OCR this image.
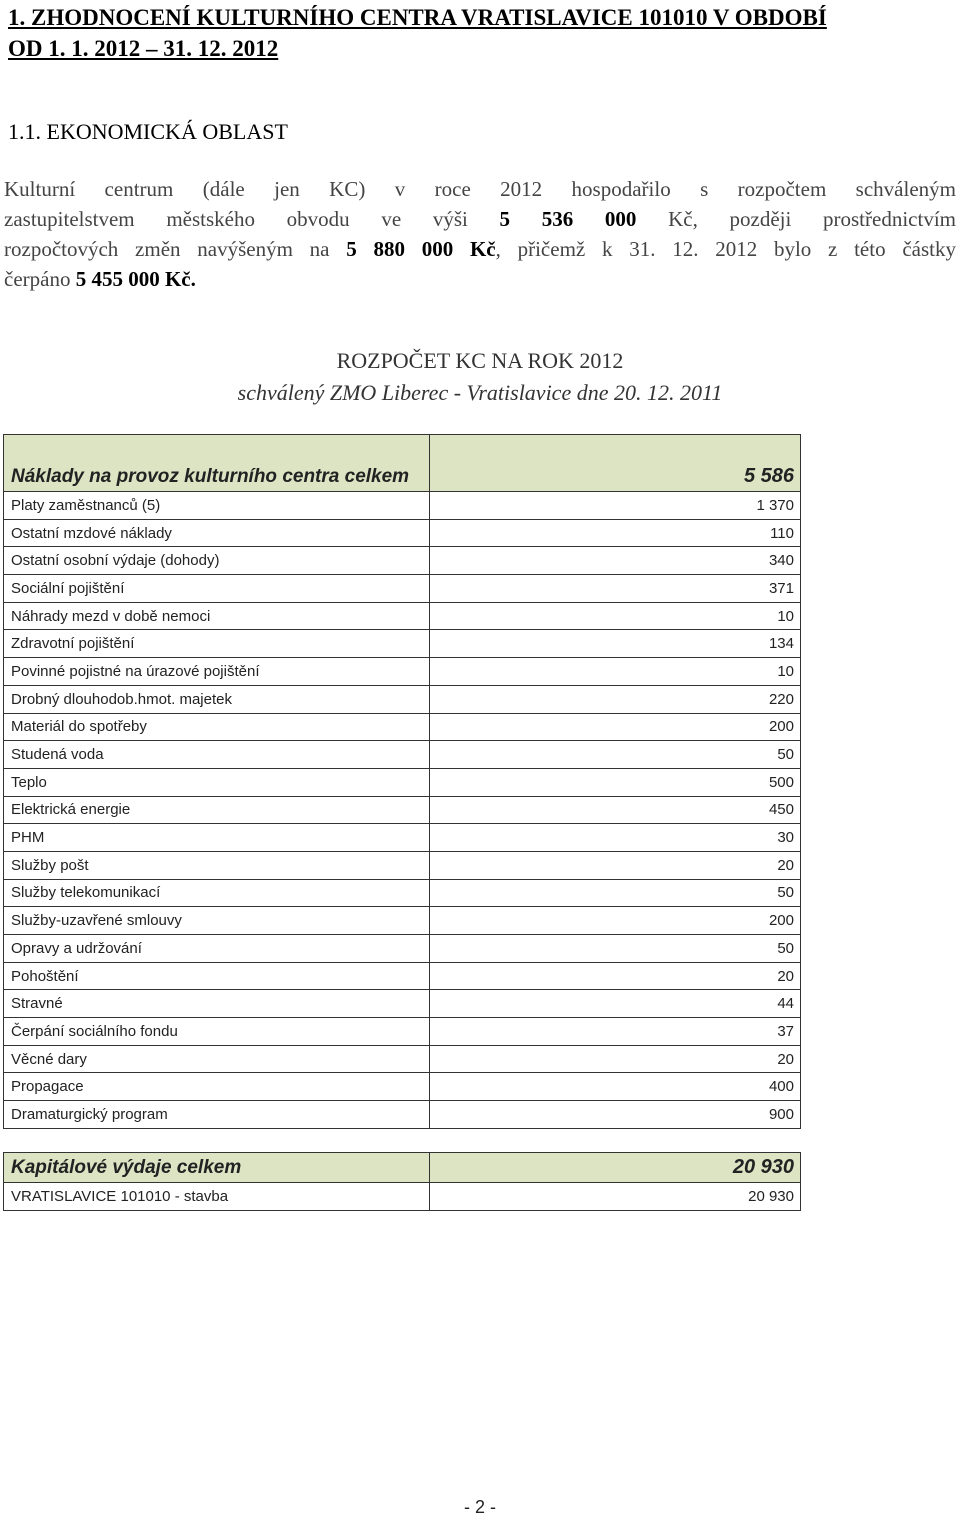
1. ZHODNOCENÍ KULTURNÍHO CENTRA VRATISLAVICE 101010 V OBDOBÍ
OD 1. 1. 2012 – 31. 12. 2012
1.1. EKONOMICKÁ OBLAST
Kulturní centrum (dále jen KC) v roce 2012 hospodařilo s rozpočtem schváleným
zastupitelstvem městského obvodu ve výši 5 536 000 Kč, později prostřednictvím
rozpočtových změn navýšeným na 5 880 000 Kč, přičemž k 31. 12. 2012 bylo z této částky
čerpáno 5 455 000 Kč.
ROZPOČET KC NA ROK 2012
schválený ZMO Liberec - Vratislavice dne 20. 12. 2011
Náklady na provoz kulturního centra celkem	5 586
Platy zaměstnanců (5)	1 370
Ostatní mzdové náklady	110
Ostatní osobní výdaje (dohody)	340
Sociální pojištění	371
Náhrady mezd v době nemoci	10
Zdravotní pojištění	134
Povinné pojistné na úrazové pojištění	10
Drobný dlouhodob.hmot. majetek	220
Materiál do spotřeby	200
Studená voda	50
Teplo	500
Elektrická energie	450
PHM	30
Služby pošt	20
Služby telekomunikací	50
Služby-uzavřené smlouvy	200
Opravy a udržování	50
Pohoštění	20
Stravné	44
Čerpání sociálního fondu	37
Věcné dary	20
Propagace	400
Dramaturgický program	900
Kapitálové výdaje celkem	20 930
VRATISLAVICE 101010 - stavba	20 930
- 2 -
